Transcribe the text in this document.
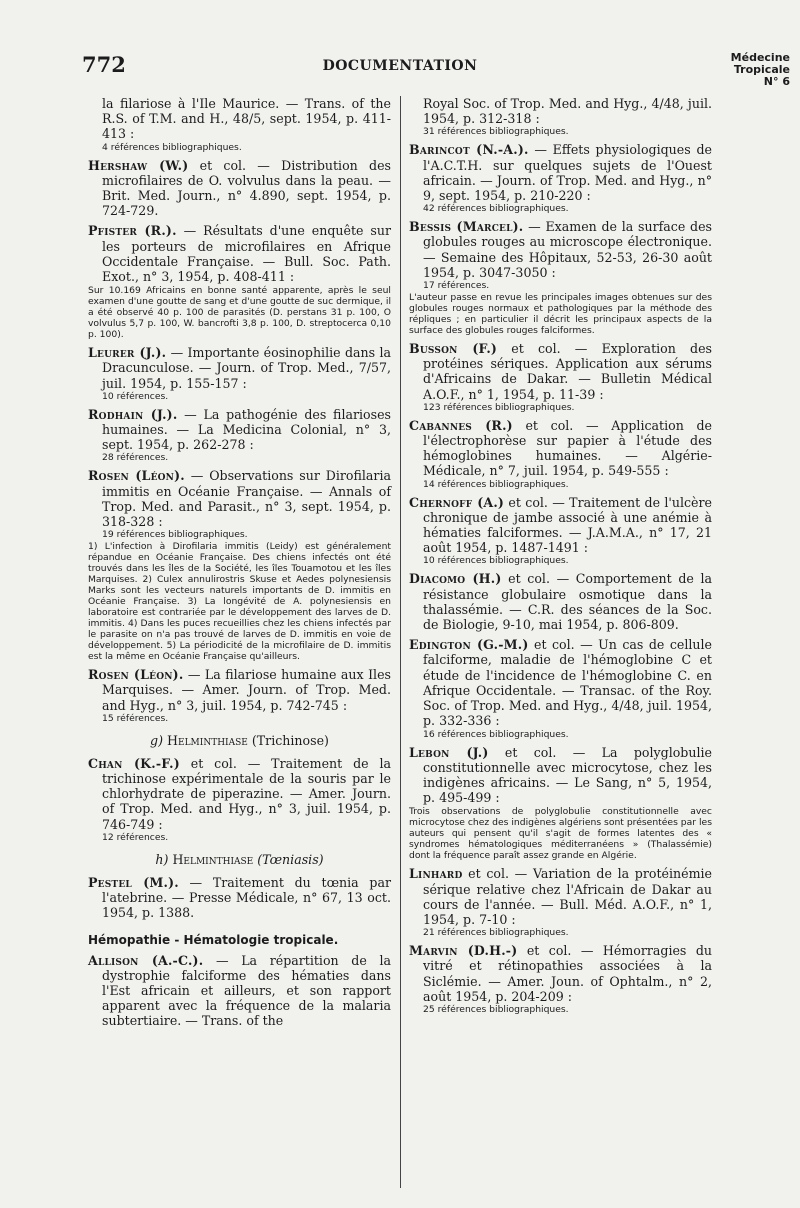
772	DOCUMENTATION
Médecine
Tropicale
N° 6
la filariose à l'Ile Maurice. — Trans. of the R.S. of T.M. and H., 48/5, sept. 1954, p. 411-413 :
4 références bibliographiques.
Hershaw (W.) et col. — Distribution des microfilaires de O. volvulus dans la peau. — Brit. Med. Journ., n° 4.890, sept. 1954, p. 724-729.
Pfister (R.). — Résultats d'une enquête sur les porteurs de microfilaires en Afrique Occidentale Française. — Bull. Soc. Path. Exot., n° 3, 1954, p. 408-411 :
Sur 10.169 Africains en bonne santé apparente, après le seul examen d'une goutte de sang et d'une goutte de suc dermique, il a été observé 40 p. 100 de parasités (D. perstans 31 p. 100, O volvulus 5,7 p. 100, W. bancrofti 3,8 p. 100, D. streptocerca 0,10 p. 100).
Leurer (J.). — Importante éosinophilie dans la Dracunculose. — Journ. of Trop. Med., 7/57, juil. 1954, p. 155-157 :
10 références.
Rodhain (J.). — La pathogénie des filarioses humaines. — La Medicina Colonial, n° 3, sept. 1954, p. 262-278 :
28 références.
Rosen (Léon). — Observations sur Dirofilaria immitis en Océanie Française. — Annals of Trop. Med. and Parasit., n° 3, sept. 1954, p. 318-328 :
19 références bibliographiques.
1) L'infection à Dirofilaria immitis (Leidy) est généralement répandue en Océanie Française. Des chiens infectés ont été trouvés dans les îles de la Société, les îles Touamotou et les îles Marquises. 2) Culex annulirostris Skuse et Aedes polynesiensis Marks sont les vecteurs naturels importants de D. immitis en Océanie Française. 3) La longévité de A. polynesiensis en laboratoire est contrariée par le développement des larves de D. immitis. 4) Dans les puces recueillies chez les chiens infectés par le parasite on n'a pas trouvé de larves de D. immitis en voie de développement. 5) La périodicité de la microfilaire de D. immitis est la même en Océanie Française qu'ailleurs.
Rosen (Léon). — La filariose humaine aux Iles Marquises. — Amer. Journ. of Trop. Med. and Hyg., n° 3, juil. 1954, p. 742-745 :
15 références.
g) Helminthiase (Trichinose)
Chan (K.-F.) et col. — Traitement de la trichinose expérimentale de la souris par le chlorhydrate de piperazine. — Amer. Journ. of Trop. Med. and Hyg., n° 3, juil. 1954, p. 746-749 :
12 références.
h) Helminthiase (Tœniasis)
Pestel (M.). — Traitement du tœnia par l'atebrine. — Presse Médicale, n° 67, 13 oct. 1954, p. 1388.
Hémopathie - Hématologie tropicale.
Allison (A.-C.). — La répartition de la dystrophie falciforme des hématies dans l'Est africain et ailleurs, et son rapport apparent avec la fréquence de la malaria subtertiaire. — Trans. of the
Royal Soc. of Trop. Med. and Hyg., 4/48, juil. 1954, p. 312-318 :
31 références bibliographiques.
Barincot (N.-A.). — Effets physiologiques de l'A.C.T.H. sur quelques sujets de l'Ouest africain. — Journ. of Trop. Med. and Hyg., n° 9, sept. 1954, p. 210-220 :
42 références bibliographiques.
Bessis (Marcel). — Examen de la surface des globules rouges au microscope électronique. — Semaine des Hôpitaux, 52-53, 26-30 août 1954, p. 3047-3050 :
17 références.
L'auteur passe en revue les principales images obtenues sur des globules rouges normaux et pathologiques par la méthode des répliques ; en particulier il décrit les principaux aspects de la surface des globules rouges falciformes.
Busson (F.) et col. — Exploration des protéines sériques. Application aux sérums d'Africains de Dakar. — Bulletin Médical A.O.F., n° 1, 1954, p. 11-39 :
123 références bibliographiques.
Cabannes (R.) et col. — Application de l'électrophorèse sur papier à l'étude des hémoglobines humaines. — Algérie-Médicale, n° 7, juil. 1954, p. 549-555 :
14 références bibliographiques.
Chernoff (A.) et col. — Traitement de l'ulcère chronique de jambe associé à une anémie à hématies falciformes. — J.A.M.A., n° 17, 21 août 1954, p. 1487-1491 :
10 références bibliographiques.
Diacomo (H.) et col. — Comportement de la résistance globulaire osmotique dans la thalassémie. — C.R. des séances de la Soc. de Biologie, 9-10, mai 1954, p. 806-809.
Edington (G.-M.) et col. — Un cas de cellule falciforme, maladie de l'hémoglobine C et étude de l'incidence de l'hémoglobine C. en Afrique Occidentale. — Transac. of the Roy. Soc. of Trop. Med. and Hyg., 4/48, juil. 1954, p. 332-336 :
16 références bibliographiques.
Lebon (J.) et col. — La polyglobulie constitutionnelle avec microcytose, chez les indigènes africains. — Le Sang, n° 5, 1954, p. 495-499 :
Trois observations de polyglobulie constitutionnelle avec microcytose chez des indigènes algériens sont présentées par les auteurs qui pensent qu'il s'agit de formes latentes des « syndromes hématologiques méditerranéens » (Thalassémie) dont la fréquence paraît assez grande en Algérie.
Linhard et col. — Variation de la protéinémie sérique relative chez l'Africain de Dakar au cours de l'année. — Bull. Méd. A.O.F., n° 1, 1954, p. 7-10 :
21 références bibliographiques.
Marvin (D.H.-) et col. — Hémorragies du vitré et rétinopathies associées à la Siclémie. — Amer. Joun. of Ophtalm., n° 2, août 1954, p. 204-209 :
25 références bibliographiques.
